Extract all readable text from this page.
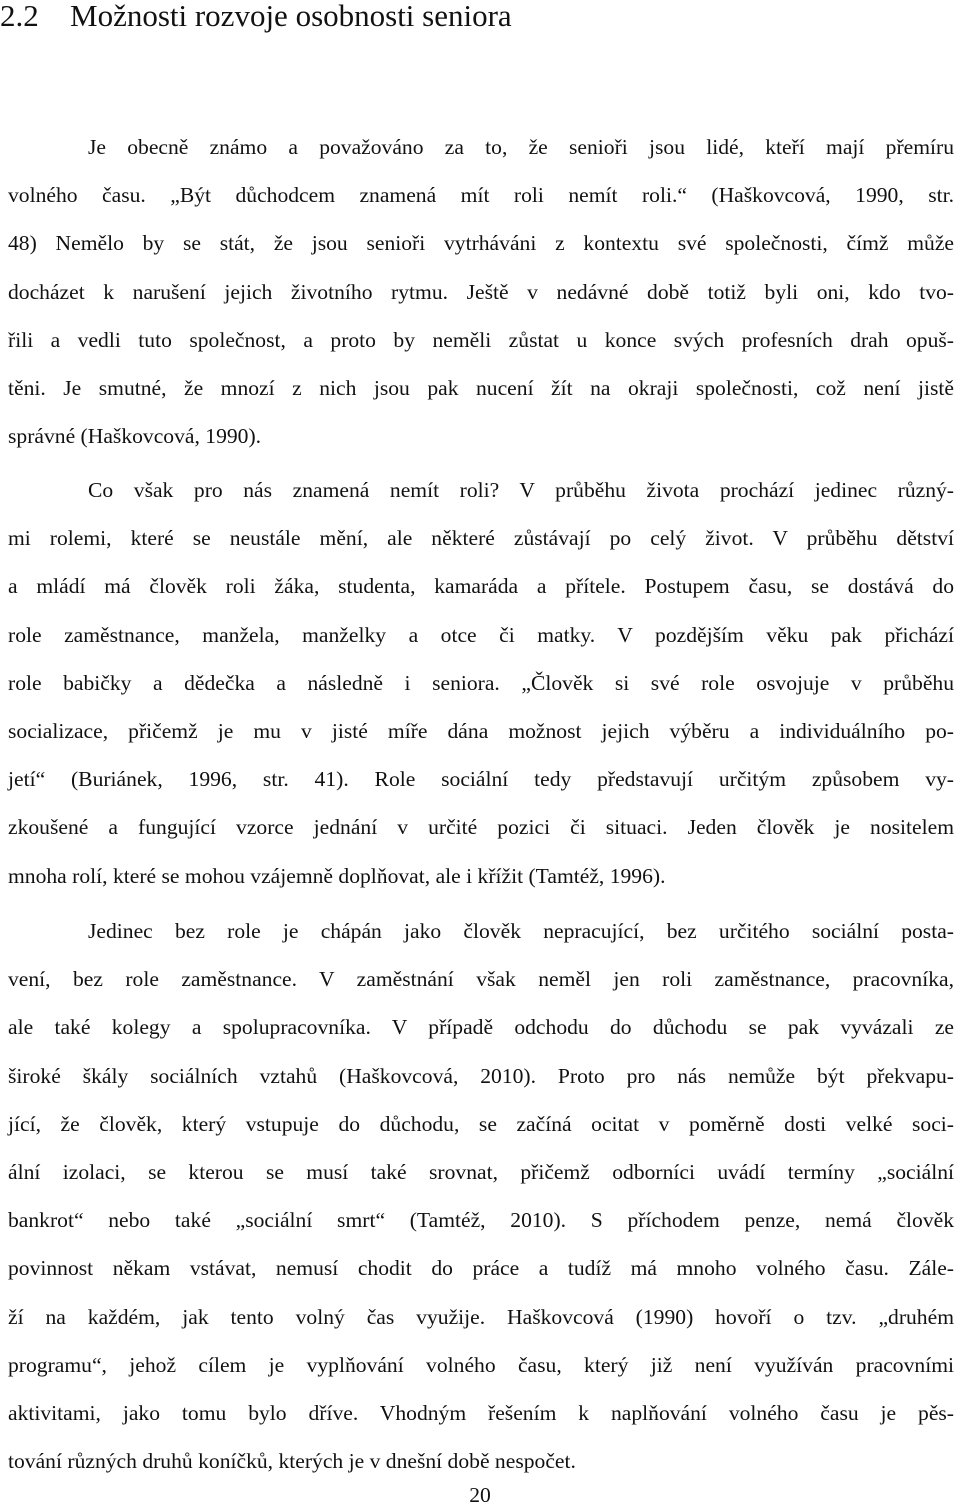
2.2 Možnosti rozvoje osobnosti seniora
Je obecně známo a považováno za to, že senioři jsou lidé, kteří mají přemíru
volného času. „Být důchodcem znamená mít roli nemít roli.“ (Haškovcová, 1990, str.
48) Nemělo by se stát, že jsou senioři vytrháváni z kontextu své společnosti, čímž může
docházet k narušení jejich životního rytmu. Ještě v nedávné době totiž byli oni, kdo tvo-
řili a vedli tuto společnost, a proto by neměli zůstat u konce svých profesních drah opuš-
těni. Je smutné, že mnozí z nich jsou pak nucení žít na okraji společnosti, což není jistě
správné (Haškovcová, 1990).
Co však pro nás znamená nemít roli? V průběhu života prochází jedinec různý-
mi rolemi, které se neustále mění, ale některé zůstávají po celý život. V průběhu dětství
a mládí má člověk roli žáka, studenta, kamaráda a přítele. Postupem času, se dostává do
role zaměstnance, manžela, manželky a otce či matky. V pozdějším věku pak přichází
role babičky a dědečka a následně i seniora. „Člověk si své role osvojuje v průběhu
socializace, přičemž je mu v jisté míře dána možnost jejich výběru a individuálního po-
jetí“ (Buriánek, 1996, str. 41). Role sociální tedy představují určitým způsobem vy-
zkoušené a fungující vzorce jednání v určité pozici či situaci. Jeden člověk je nositelem
mnoha rolí, které se mohou vzájemně doplňovat, ale i křížit (Tamtéž, 1996).
Jedinec bez role je chápán jako člověk nepracující, bez určitého sociální posta-
vení, bez role zaměstnance. V zaměstnání však neměl jen roli zaměstnance, pracovníka,
ale také kolegy a spolupracovníka. V případě odchodu do důchodu se pak vyvázali ze
široké škály sociálních vztahů (Haškovcová, 2010). Proto pro nás nemůže být překvapu-
jící, že člověk, který vstupuje do důchodu, se začíná ocitat v poměrně dosti velké soci-
ální izolaci, se kterou se musí také srovnat, přičemž odborníci uvádí termíny „sociální
bankrot“ nebo také „sociální smrt“ (Tamtéž, 2010). S příchodem penze, nemá člověk
povinnost někam vstávat, nemusí chodit do práce a tudíž má mnoho volného času. Zále-
ží na každém, jak tento volný čas využije. Haškovcová (1990) hovoří o tzv. „druhém
programu“, jehož cílem je vyplňování volného času, který již není využíván pracovními
aktivitami, jako tomu bylo dříve. Vhodným řešením k naplňování volného času je pěs-
tování různých druhů koníčků, kterých je v dnešní době nespočet.
20
